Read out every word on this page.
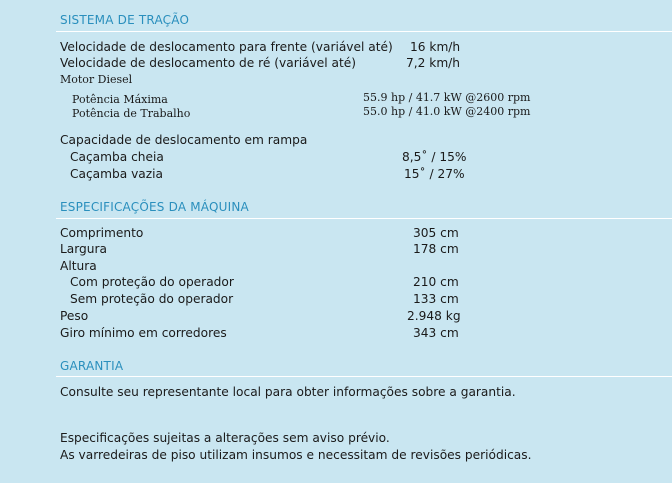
SISTEMA DE TRAÇÃO
Velocidade de deslocamento para frente (variável até) 16 km/h
Velocidade de deslocamento de ré (variável até)	7,2 km/h
Motor Diesel
Potência Máxima	55.9 hp / 41.7 kW @2600 rpm
Potência de Trabalho	55.0 hp / 41.0 kW @2400 rpm
Capacidade de deslocamento em rampa
Caçamba cheia	8,5˚ / 15%
Caçamba vazia	15˚ / 27%
ESPECIFICAÇÕES DA MÁQUINA
Comprimento	305 cm
Largura	178 cm
Altura
Com proteção do operador	210 cm
Sem proteção do operador	133 cm
Peso	2.948 kg
Giro mínimo em corredores	343 cm
GARANTIA
Consulte seu representante local para obter informações sobre a garantia.
Especificações sujeitas a alterações sem aviso prévio.
As varredeiras de piso utilizam insumos e necessitam de revisões periódicas.
